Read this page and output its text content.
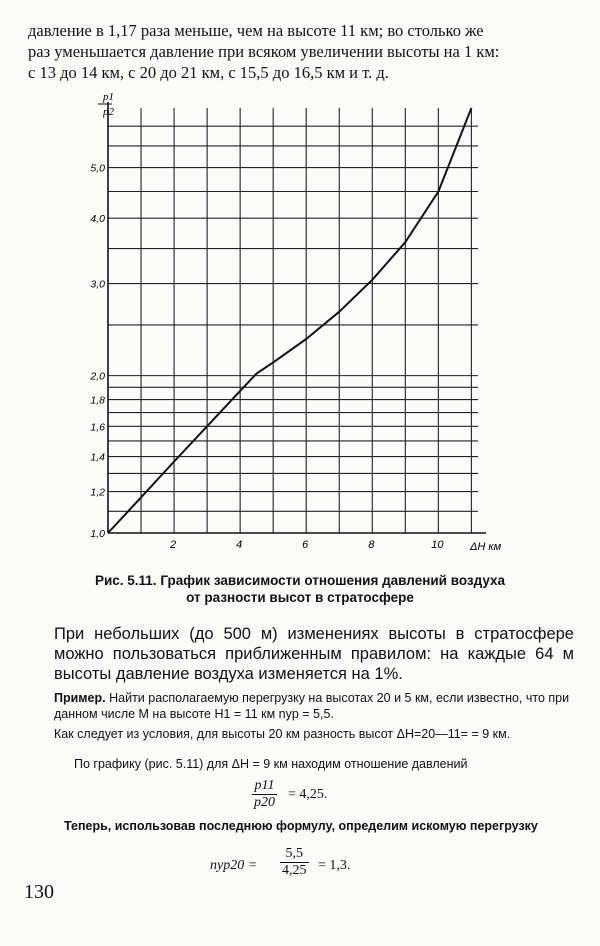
давление в 1,17 раза меньше, чем на высоте 11 км; во столько же
раз уменьшается давление при всяком увеличении высоты на 1 км:
с 13 до 14 км, с 20 до 21 км, с 15,5 до 16,5 км и т. д.
2	4	6	8	10
1,0
1,2
1,4
1,6
1,8
2,0
3,0
4,0
5,0
p1
p2
ΔH км
Рис. 5.11. График зависимости отношения давлений воздуха
от разности высот в стратосфере
При небольших (до 500 м) изменениях высоты в стратосфере можно пользоваться приближенным правилом: на каждые 64 м высоты давление воздуха изменяется на 1%.
Пример. Найти располагаемую перегрузку на высотах 20 и 5 км, если известно, что при данном числе M на высоте H1 = 11 км nyр = 5,5.
Как следует из условия, для высоты 20 км разность высот ΔH=20—11= = 9 км.
По графику (рис. 5.11) для ΔH = 9 км находим отношение давлений
$\frac{p11}{p20} = 4,25$.
Теперь, использовав последнюю формулу, определим искомую перегрузку
$nyр20 = \frac{5,5}{4,25} = 1,3$.
130
